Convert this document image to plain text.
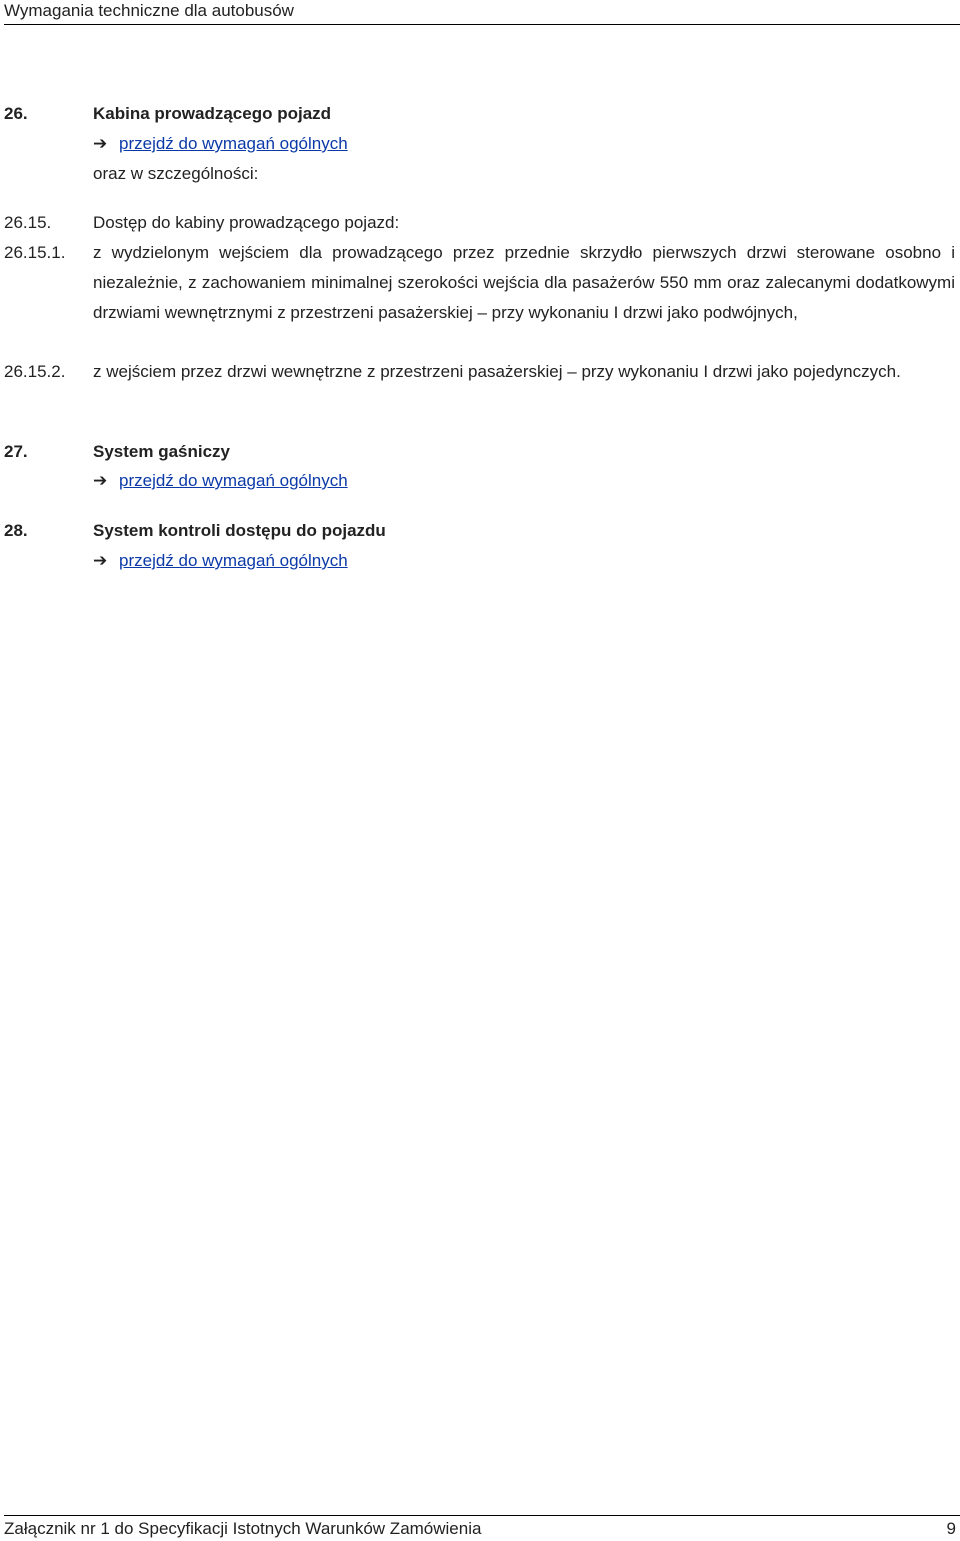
Wymagania techniczne dla autobusów
26.	Kabina prowadzącego pojazd
➔ przejdź do wymagań ogólnych
oraz w szczególności:
26.15. Dostęp do kabiny prowadzącego pojazd:
26.15.1. z wydzielonym wejściem dla prowadzącego przez przednie skrzydło pierwszych drzwi sterowane osobno i niezależnie, z zachowaniem minimalnej szerokości wejścia dla pasażerów 550 mm oraz zalecanymi dodatkowymi drzwiami wewnętrznymi z przestrzeni pasażerskiej – przy wykonaniu I drzwi jako podwójnych,
26.15.2. z wejściem przez drzwi wewnętrzne z przestrzeni pasażerskiej – przy wykonaniu I drzwi jako pojedynczych.
27.	System gaśniczy
➔ przejdź do wymagań ogólnych
28.	System kontroli dostępu do pojazdu
➔ przejdź do wymagań ogólnych
Załącznik nr 1 do Specyfikacji Istotnych Warunków Zamówienia	9
